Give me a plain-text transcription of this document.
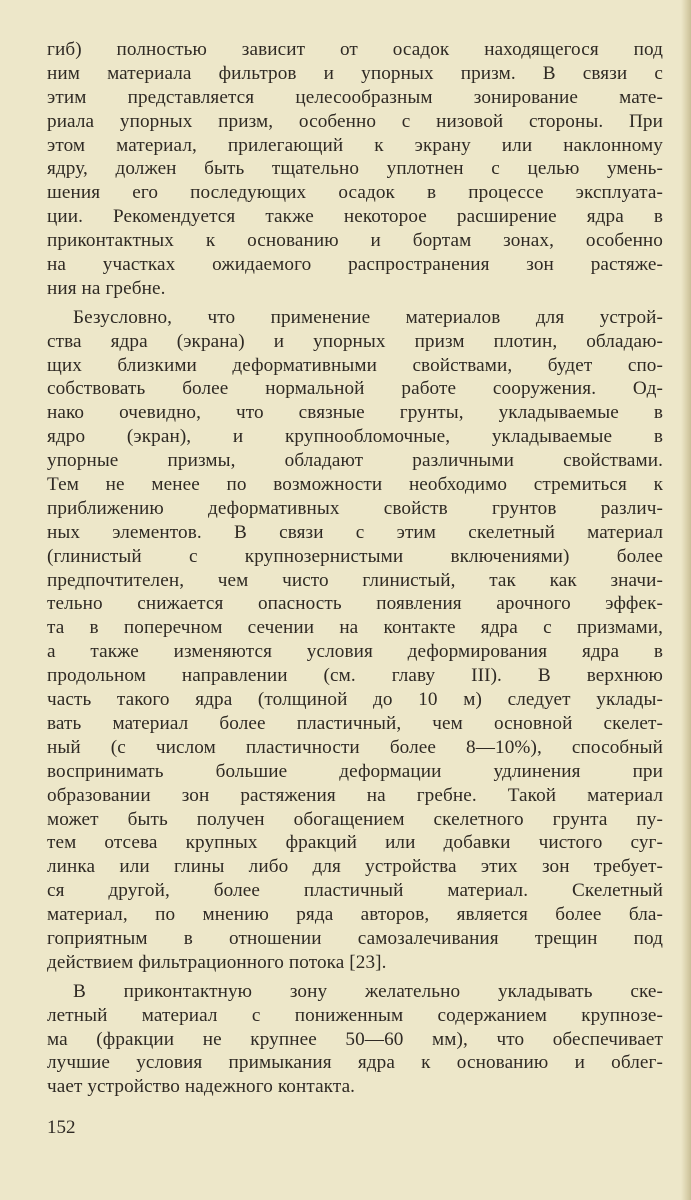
гиб) полностью зависит от осадок находящегося под
ним материала фильтров и упорных призм. В связи с
этим представляется целесообразным зонирование мате-
риала упорных призм, особенно с низовой стороны. При
этом материал, прилегающий к экрану или наклонному
ядру, должен быть тщательно уплотнен с целью умень-
шения его последующих осадок в процессе эксплуата-
ции. Рекомендуется также некоторое расширение ядра в
приконтактных к основанию и бортам зонах, особенно
на участках ожидаемого распространения зон растяже-
ния на гребне.
Безусловно, что применение материалов для устрой-
ства ядра (экрана) и упорных призм плотин, обладаю-
щих близкими деформативными свойствами, будет спо-
собствовать более нормальной работе сооружения. Од-
нако очевидно, что связные грунты, укладываемые в
ядро (экран), и крупнообломочные, укладываемые в
упорные призмы, обладают различными свойствами.
Тем не менее по возможности необходимо стремиться к
приближению деформативных свойств грунтов различ-
ных элементов. В связи с этим скелетный материал
(глинистый с крупнозернистыми включениями) более
предпочтителен, чем чисто глинистый, так как значи-
тельно снижается опасность появления арочного эффек-
та в поперечном сечении на контакте ядра с призмами,
а также изменяются условия деформирования ядра в
продольном направлении (см. главу III). В верхнюю
часть такого ядра (толщиной до 10 м) следует уклады-
вать материал более пластичный, чем основной скелет-
ный (с числом пластичности более 8—10%), способный
воспринимать большие деформации удлинения при
образовании зон растяжения на гребне. Такой материал
может быть получен обогащением скелетного грунта пу-
тем отсева крупных фракций или добавки чистого суг-
линка или глины либо для устройства этих зон требует-
ся другой, более пластичный материал. Скелетный
материал, по мнению ряда авторов, является более бла-
гоприятным в отношении самозалечивания трещин под
действием фильтрационного потока [23].
В приконтактную зону желательно укладывать ске-
летный материал с пониженным содержанием крупнозе-
ма (фракции не крупнее 50—60 мм), что обеспечивает
лучшие условия примыкания ядра к основанию и облег-
чает устройство надежного контакта.
152
